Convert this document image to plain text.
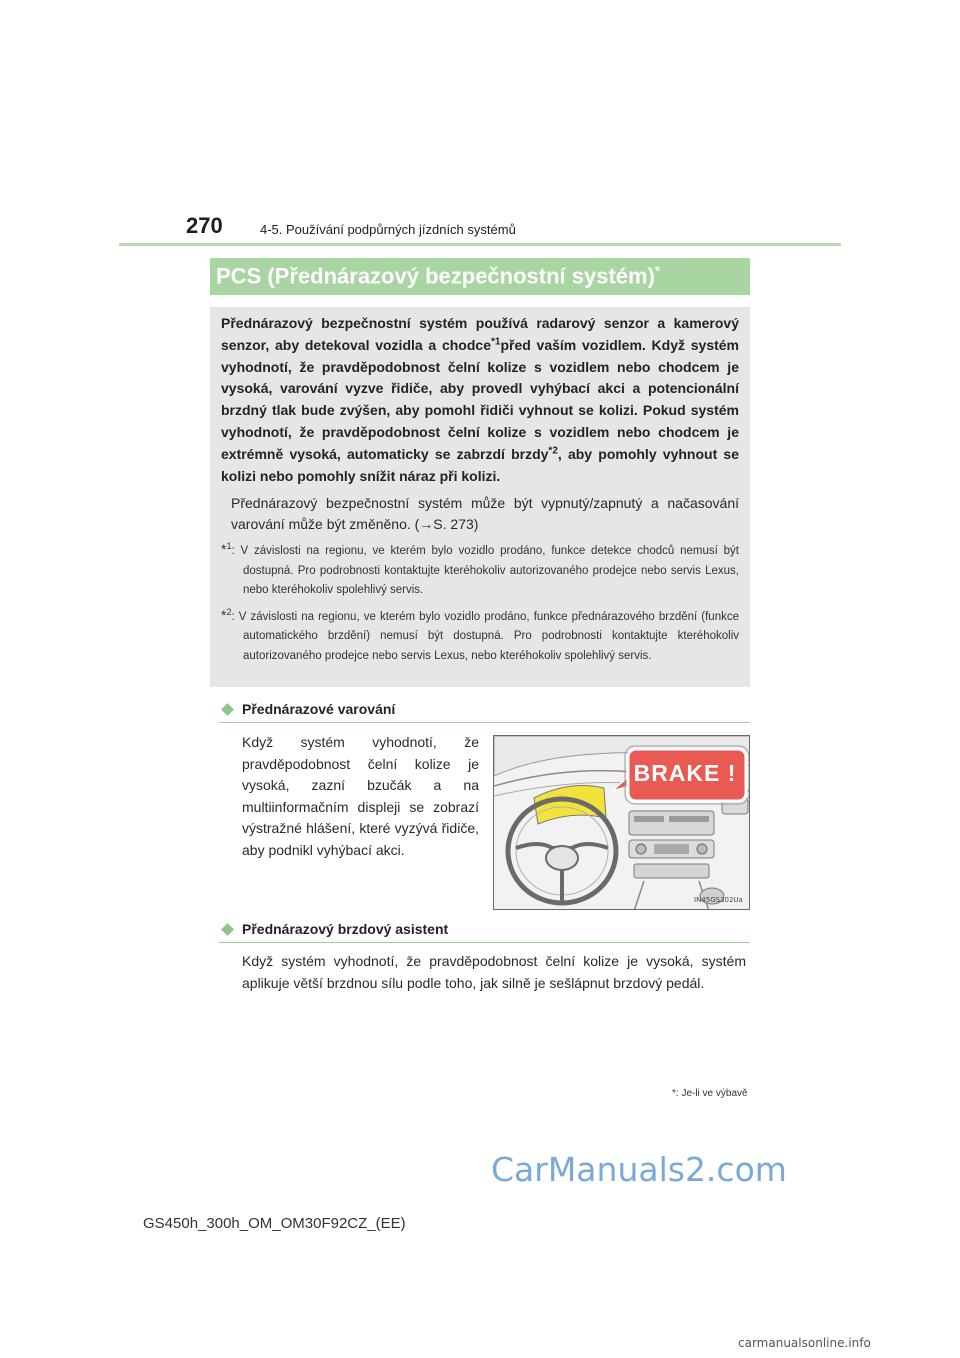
270	4-5. Používání podpůrných jízdních systémů
PCS (Přednárazový bezpečnostní systém)*

Přednárazový bezpečnostní systém používá radarový senzor a kamerový senzor, aby detekoval vozidla a chodce$^{*1}$před vaším vozidlem. Když systém vyhodnotí, že pravděpodobnost čelní kolize s vozidlem nebo chodcem je vysoká, varování vyzve řidiče, aby provedl vyhýbací akci a potencionální brzdný tlak bude zvýšen, aby pomohl řidiči vyhnout se kolizi. Pokud systém vyhodnotí, že pravděpodobnost čelní kolize s vozidlem nebo chodcem je extrémně vysoká, automaticky se zabrzdí brzdy$^{*2}$, aby pomohly vyhnout se kolizi nebo pomohly snížit náraz při kolizi.

Přednárazový bezpečnostní systém může být vypnutý/zapnutý a načasování varování může být změněno. (→S. 273)

*$^1$: V závislosti na regionu, ve kterém bylo vozidlo prodáno, funkce detekce chodců nemusí být dostupná. Pro podrobnosti kontaktujte kteréhokoliv autorizovaného prodejce nebo servis Lexus, nebo kteréhokoliv spolehlivý servis.

*$^2$: V závislosti na regionu, ve kterém bylo vozidlo prodáno, funkce přednárazového brzdění (funkce automatického brzdění) nemusí být dostupná. Pro podrobnosti kontaktujte kteréhokoliv autorizovaného prodejce nebo servis Lexus, nebo kteréhokoliv spolehlivý servis.

Přednárazové varování

Když systém vyhodnotí, že pravděpodobnost čelní kolize je vysoká, zazní bzučák a na multiinformačním displeji se zobrazí výstražné hlášení, které vyzývá řidiče, aby podnikl vyhýbací akci.

BRAKE !
IN45GS302Ua
Přednárazový brzdový asistent

Když systém vyhodnotí, že pravděpodobnost čelní kolize je vysoká, systém aplikuje větší brzdnou sílu podle toho, jak silně je sešlápnut brzdový pedál.

*: Je-li ve výbavě
CarManuals2.com
GS450h_300h_OM_OM30F92CZ_(EE)
carmanualsonline.info
